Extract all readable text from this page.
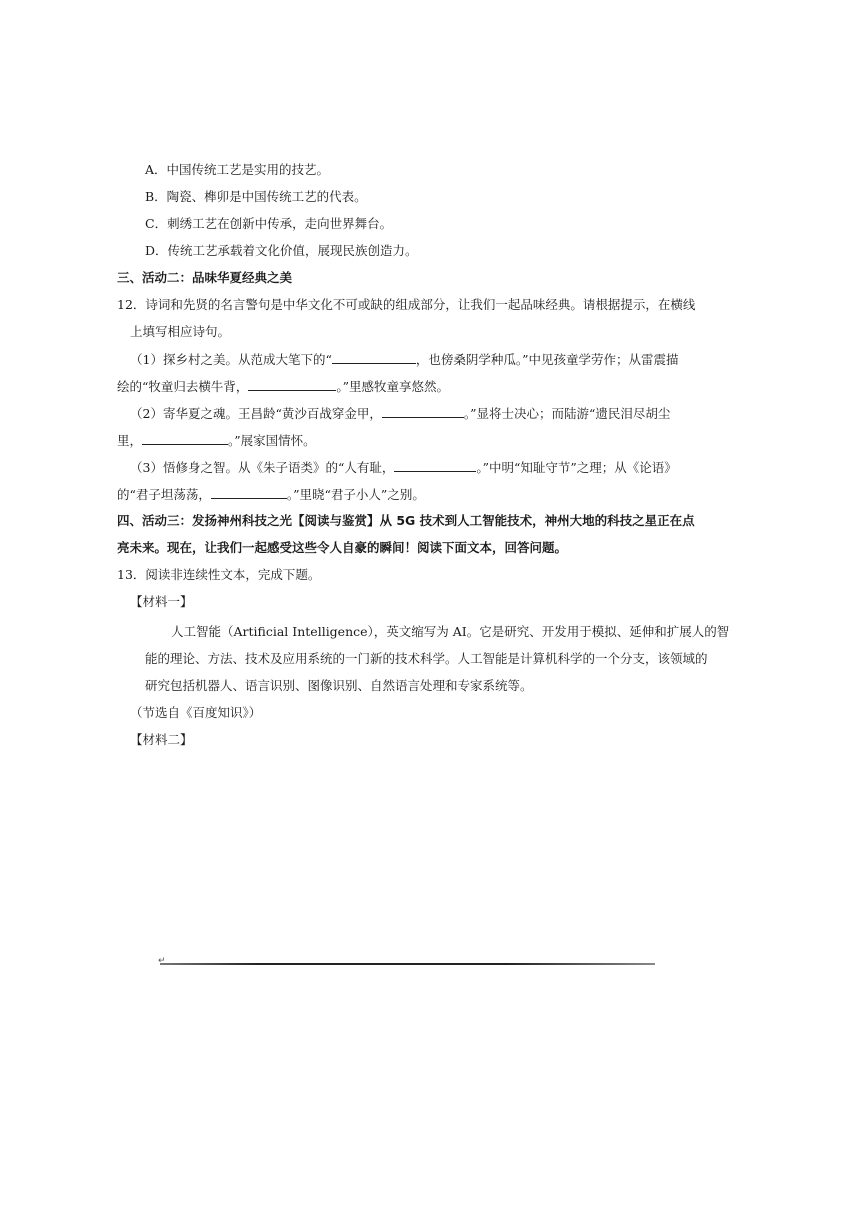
A．中国传统工艺是实用的技艺。
B．陶瓷、榫卯是中国传统工艺的代表。
C．刺绣工艺在创新中传承，走向世界舞台。
D．传统工艺承载着文化价值，展现民族创造力。
三、活动二：品味华夏经典之美
12．诗词和先贤的名言警句是中华文化不可或缺的组成部分，让我们一起品味经典。请根据提示，在横线
上填写相应诗句。
（1）探乡村之美。从范成大笔下的“	，也傍桑阴学种瓜。”中见孩童学劳作；从雷震描
绘的“牧童归去横牛背，	。”里感牧童享悠然。
（2）寄华夏之魂。王昌龄“黄沙百战穿金甲，	。”显将士决心；而陆游“遗民泪尽胡尘
里，	。”展家国情怀。
（3）悟修身之智。从《朱子语类》的“人有耻，	。”中明“知耻守节”之理；从《论语》
的“君子坦荡荡，	。”里晓“君子小人”之别。
四、活动三：发扬神州科技之光【阅读与鉴赏】从 5G 技术到人工智能技术，神州大地的科技之星正在点
亮未来。现在，让我们一起感受这些令人自豪的瞬间！阅读下面文本，回答问题。
13．阅读非连续性文本，完成下题。
【材料一】
人工智能（Artificial Intelligence），英文缩写为 AI。它是研究、开发用于模拟、延伸和扩展人的智
能的理论、方法、技术及应用系统的一门新的技术科学。人工智能是计算机科学的一个分支，该领域的
研究包括机器人、语言识别、图像识别、自然语言处理和专家系统等。
（节选自《百度知识》）
【材料二】
↵
